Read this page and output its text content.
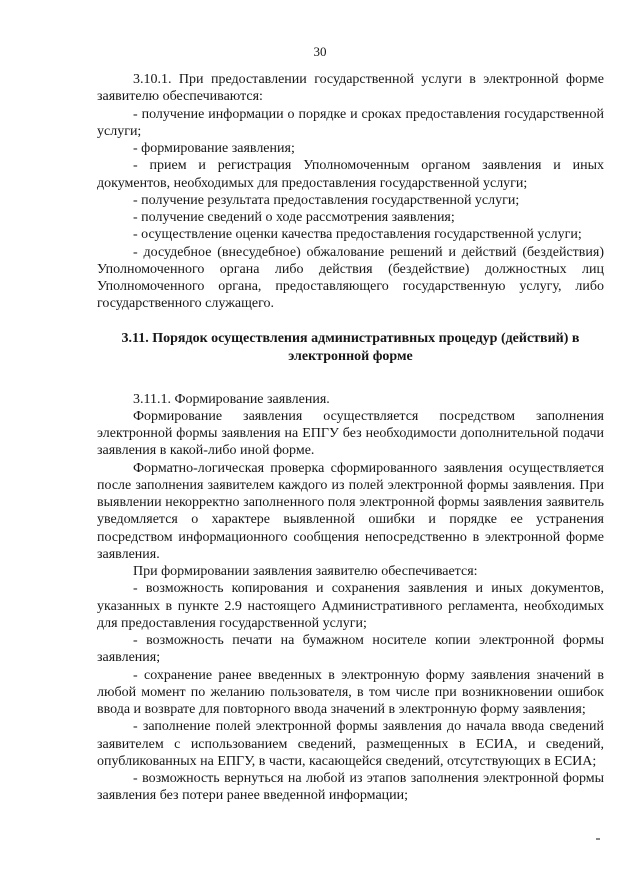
30

3.10.1. При предоставлении государственной услуги в электронной форме заявителю обеспечиваются:

- получение информации о порядке и сроках предоставления государственной услуги;

- формирование заявления;

- прием и регистрация Уполномоченным органом заявления и иных документов, необходимых для предоставления государственной услуги;

- получение результата предоставления государственной услуги;

- получение сведений о ходе рассмотрения заявления;

- осуществление оценки качества предоставления государственной услуги;

- досудебное (внесудебное) обжалование решений и действий (бездействия) Уполномоченного органа либо действия (бездействие) должностных лиц Уполномоченного органа, предоставляющего государственную услугу, либо государственного служащего.

3.11. Порядок осуществления административных процедур (действий) в
электронной форме

3.11.1. Формирование заявления.

Формирование заявления осуществляется посредством заполнения электронной формы заявления на ЕПГУ без необходимости дополнительной подачи заявления в какой-либо иной форме.

Форматно-логическая проверка сформированного заявления осуществляется после заполнения заявителем каждого из полей электронной формы заявления. При выявлении некорректно заполненного поля электронной формы заявления заявитель уведомляется о характере выявленной ошибки и порядке ее устранения посредством информационного сообщения непосредственно в электронной форме заявления.

При формировании заявления заявителю обеспечивается:

- возможность копирования и сохранения заявления и иных документов, указанных в пункте 2.9 настоящего Административного регламента, необходимых для предоставления государственной услуги;

- возможность печати на бумажном носителе копии электронной формы заявления;

- сохранение ранее введенных в электронную форму заявления значений в любой момент по желанию пользователя, в том числе при возникновении ошибок ввода и возврате для повторного ввода значений в электронную форму заявления;

- заполнение полей электронной формы заявления до начала ввода сведений заявителем с использованием сведений, размещенных в ЕСИА, и сведений, опубликованных на ЕПГУ, в части, касающейся сведений, отсутствующих в ЕСИА;

- возможность вернуться на любой из этапов заполнения электронной формы заявления без потери ранее введенной информации;
